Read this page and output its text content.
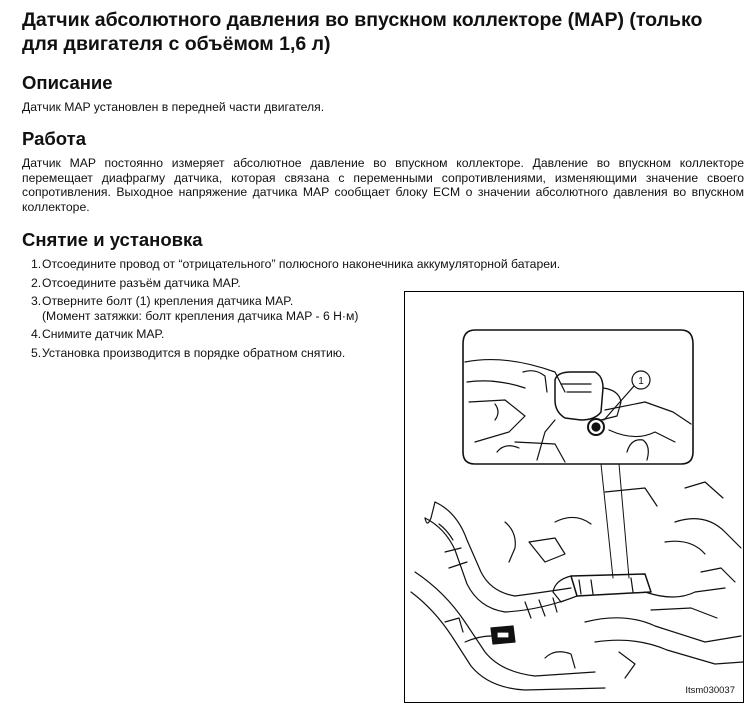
Датчик абсолютного давления во впускном коллекторе (MAP) (только для двигателя с объёмом 1,6 л)
Описание

Датчик MAP установлен в передней части двигателя.

Работа

Датчик MAP постоянно измеряет абсолютное давление во впускном коллекторе. Давление во впускном коллекторе перемещает диафрагму датчика, которая связана с переменными сопротивлениями, изменяющими значение своего сопротивления. Выходное напряжение датчика MAP сообщает блоку ECM о значении абсолютного давления во впускном коллекторе.

Снятие и установка
1. Отсоедините провод от “отрицательного” полюсного наконечника аккумуляторной батареи.
2. Отсоедините разъём датчика MAP.
3. Отверните болт (1) крепления датчика MAP.
(Момент затяжки: болт крепления датчика MAP - 6 Н·м)
4. Снимите датчик MAP.
5. Установка производится в порядке обратном снятию.
1
Itsm030037
